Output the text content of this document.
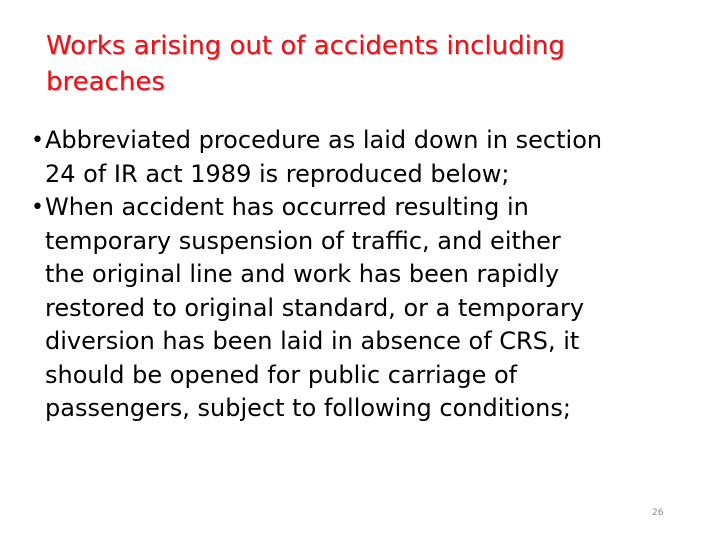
Works arising out of accidents including
breaches
• Abbreviated procedure as laid down in section
24 of IR act 1989 is reproduced below;
• When accident has occurred resulting in
temporary suspension of traffic, and either
the original line and work has been rapidly
restored to original standard, or a temporary
diversion has been laid in absence of CRS, it
should be opened for public carriage of
passengers, subject to following conditions;
26
